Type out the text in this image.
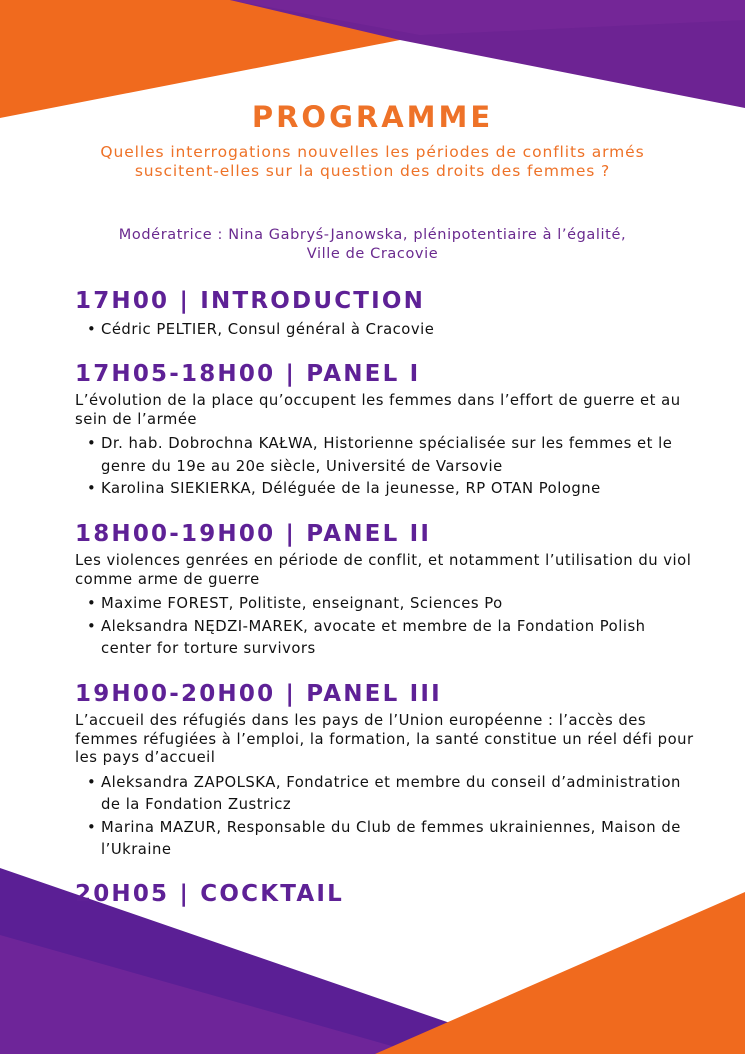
PROGRAMME
Quelles interrogations nouvelles les périodes de conflits armés suscitent-elles sur la question des droits des femmes ?
Modératrice : Nina Gabryś-Janowska, plénipotentiaire à l’égalité,
Ville de Cracovie
17H00 | INTRODUCTION
• Cédric PELTIER, Consul général à Cracovie
17H05-18H00 | PANEL I
L’évolution de la place qu’occupent les femmes dans l’effort de guerre et au sein de l’armée
• Dr. hab. Dobrochna KAŁWA, Historienne spécialisée sur les femmes et le genre du 19e au 20e siècle, Université de Varsovie
• Karolina SIEKIERKA, Déléguée de la jeunesse, RP OTAN Pologne
18H00-19H00 | PANEL II
Les violences genrées en période de conflit, et notamment l’utilisation du viol comme arme de guerre
• Maxime FOREST, Politiste, enseignant, Sciences Po
• Aleksandra NĘDZI-MAREK, avocate et membre de la Fondation Polish center for torture survivors
19H00-20H00 | PANEL III
L’accueil des réfugiés dans les pays de l’Union européenne : l’accès des femmes réfugiées à l’emploi, la formation, la santé constitue un réel défi pour les pays d’accueil
• Aleksandra ZAPOLSKA, Fondatrice et membre du conseil d’administration de la Fondation Zustricz
• Marina MAZUR, Responsable du Club de femmes ukrainiennes, Maison de l’Ukraine
20H05 | COCKTAIL
